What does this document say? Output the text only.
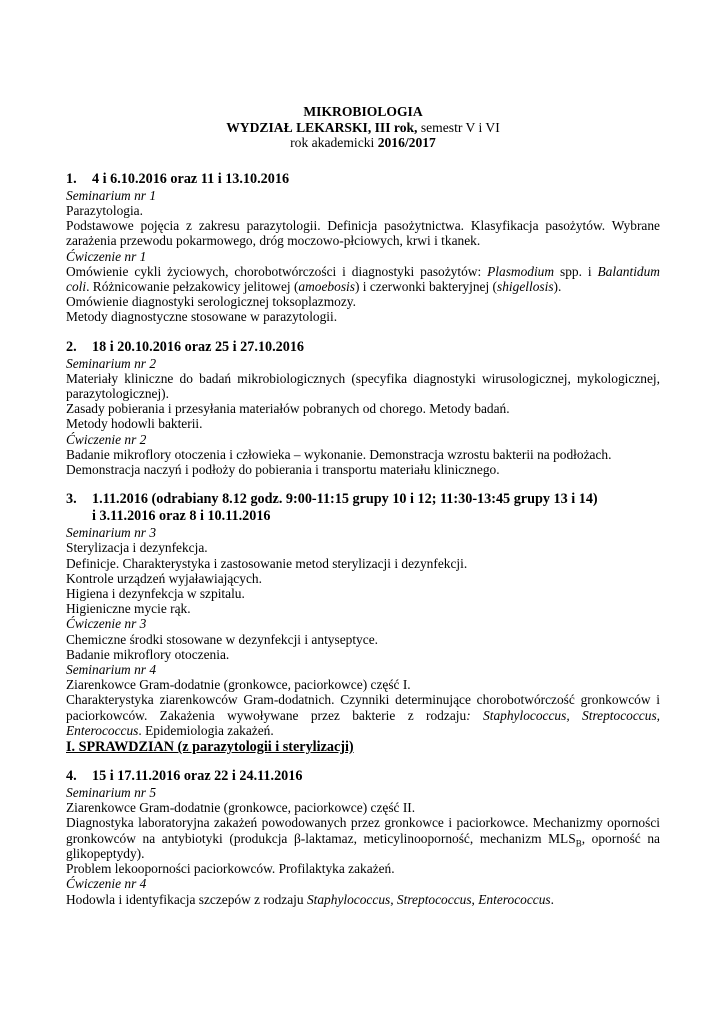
MIKROBIOLOGIA
WYDZIAŁ LEKARSKI, III rok, semestr V i VI
rok akademicki 2016/2017
1.	4 i 6.10.2016 oraz 11 i 13.10.2016
Seminarium nr 1
Parazytologia.
Podstawowe pojęcia z zakresu parazytologii. Definicja pasożytnictwa. Klasyfikacja pasożytów. Wybrane zarażenia przewodu pokarmowego, dróg moczowo-płciowych, krwi i tkanek.
Ćwiczenie nr 1
Omówienie cykli życiowych, chorobotwórczości i diagnostyki pasożytów: Plasmodium spp. i Balantidum coli. Różnicowanie pełzakowicy jelitowej (amoebosis) i czerwonki bakteryjnej (shigellosis).
Omówienie diagnostyki serologicznej toksoplazmozy.
Metody diagnostyczne stosowane w parazytologii.
2.	18 i 20.10.2016 oraz 25 i 27.10.2016
Seminarium nr 2
Materiały kliniczne do badań mikrobiologicznych (specyfika diagnostyki wirusologicznej, mykologicznej, parazytologicznej).
Zasady pobierania i przesyłania materiałów pobranych od chorego. Metody badań.
Metody hodowli bakterii.
Ćwiczenie nr 2
Badanie mikroflory otoczenia i człowieka – wykonanie. Demonstracja wzrostu bakterii na podłożach.
Demonstracja naczyń i podłoży do pobierania i transportu materiału klinicznego.
3.	1.11.2016 (odrabiany 8.12 godz. 9:00-11:15 grupy 10 i 12; 11:30-13:45 grupy 13 i 14)
i 3.11.2016 oraz 8 i 10.11.2016
Seminarium nr 3
Sterylizacja i dezynfekcja.
Definicje. Charakterystyka i zastosowanie metod sterylizacji i dezynfekcji.
Kontrole urządzeń wyjaławiających.
Higiena i dezynfekcja w szpitalu.
Higieniczne mycie rąk.
Ćwiczenie nr 3
Chemiczne środki stosowane w dezynfekcji i antyseptyce.
Badanie mikroflory otoczenia.
Seminarium nr 4
Ziarenkowce Gram-dodatnie (gronkowce, paciorkowce) część I.
Charakterystyka ziarenkowców Gram-dodatnich. Czynniki determinujące chorobotwórczość gronkowców i paciorkowców. Zakażenia wywoływane przez bakterie z rodzaju: Staphylococcus, Streptococcus, Enterococcus. Epidemiologia zakażeń.
I. SPRAWDZIAN (z parazytologii i sterylizacji)
4.	15 i 17.11.2016 oraz 22 i 24.11.2016
Seminarium nr 5
Ziarenkowce Gram-dodatnie (gronkowce, paciorkowce) część II.
Diagnostyka laboratoryjna zakażeń powodowanych przez gronkowce i paciorkowce. Mechanizmy oporności gronkowców na antybiotyki (produkcja β-laktamaz, meticylinooporność, mechanizm $MLS_B$, oporność na glikopeptydy).
Problem lekooporności paciorkowców. Profilaktyka zakażeń.
Ćwiczenie nr 4
Hodowla i identyfikacja szczepów z rodzaju Staphylococcus, Streptococcus, Enterococcus.
